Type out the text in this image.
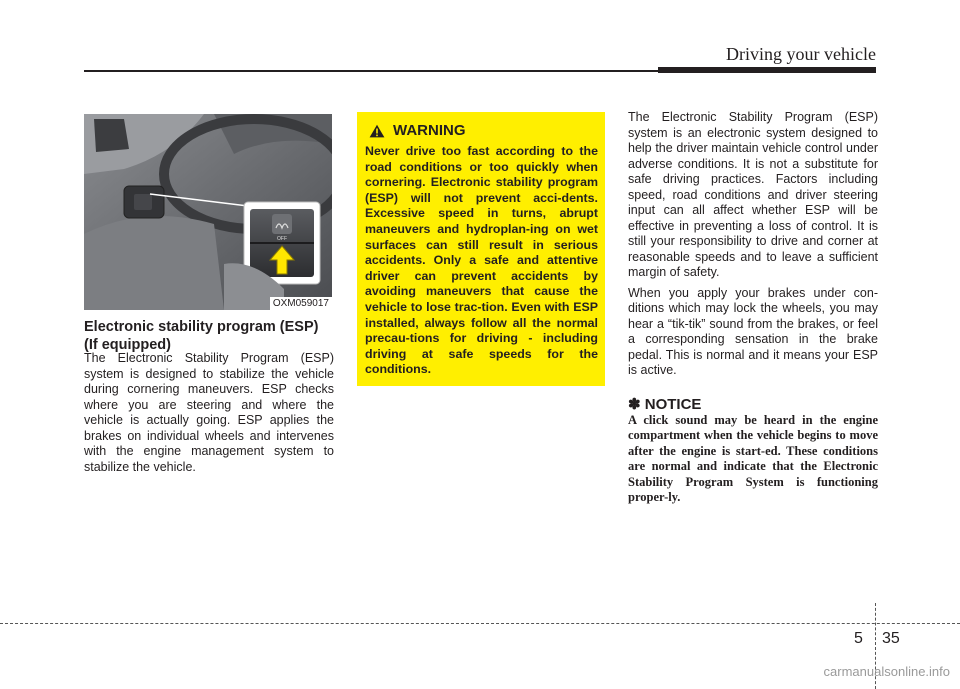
Driving your vehicle
OFF
OXM059017
Electronic stability program (ESP)
(If equipped)

The Electronic Stability Program (ESP) system is designed to stabilize the vehicle during cornering maneuvers. ESP checks where you are steering and where the vehicle is actually going. ESP applies the brakes on individual wheels and intervenes with the engine management system to stabilize the vehicle.

WARNING

Never drive too fast according to the road conditions or too quickly when cornering. Electronic stability program (ESP) will not prevent acci-dents. Excessive speed in turns, abrupt maneuvers and hydroplan-ing on wet surfaces can still result in serious accidents. Only a safe and attentive driver can prevent accidents by avoiding maneuvers that cause the vehicle to lose trac-tion. Even with ESP installed, always follow all the normal precau-tions for driving - including driving at safe speeds for the conditions.

The Electronic Stability Program (ESP) system is an electronic system designed to help the driver maintain vehicle control under adverse conditions. It is not a substitute for safe driving practices. Factors including speed, road conditions and driver steering input can all affect whether ESP will be effective in preventing a loss of control. It is still your responsibility to drive and corner at reasonable speeds and to leave a sufficient margin of safety.

When you apply your brakes under con-ditions which may lock the wheels, you may hear a “tik-tik” sound from the brakes, or feel a corresponding sensation in the brake pedal. This is normal and it means your ESP is active.

✽ NOTICE

A click sound may be heard in the engine compartment when the vehicle begins to move after the engine is start-ed. These conditions are normal and indicate that the Electronic Stability Program System is functioning proper-ly.

5 35
carmanualsonline.info
